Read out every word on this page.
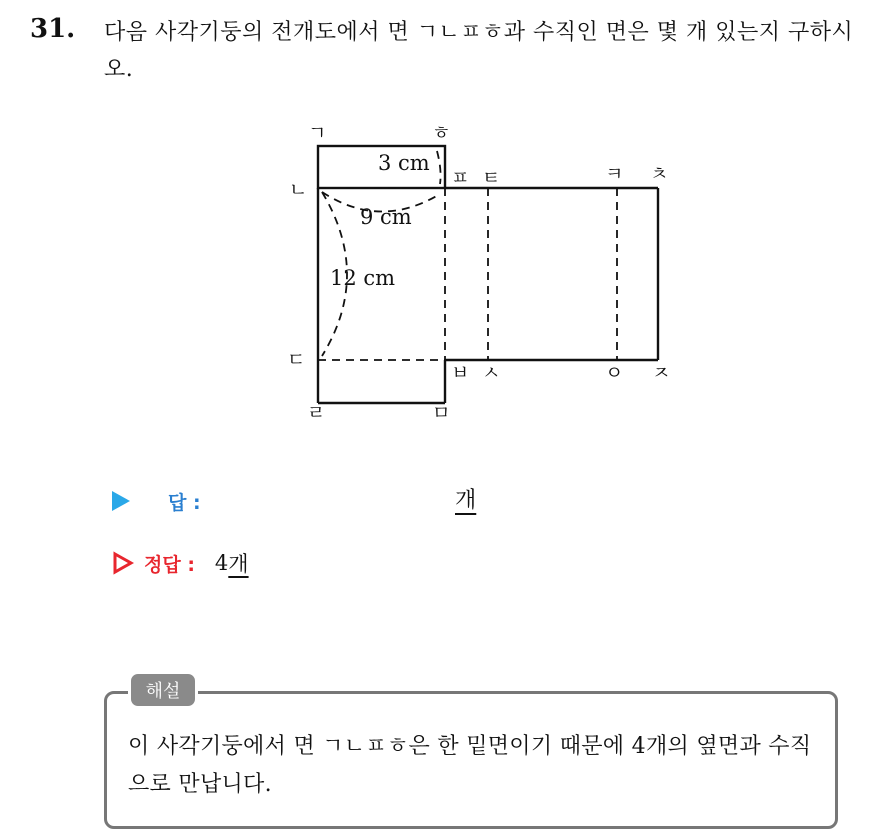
31. 다음 사각기둥의 전개도에서 면 ㄱㄴㅍㅎ과 수직인 면은 몇 개 있는지 구하시오.
ㄱ	ㅎ
ㄴ
ㅍ ㅌ	ㅋ ㅊ
ㄷ
ㅂ ㅅ	ㅇ ㅈ
ㄹ	ㅁ
3 cm
9 cm
12 cm
답 :	개
정답 : 4 개
해설
이 사각기둥에서 면 ㄱㄴㅍㅎ은 한 밑면이기 때문에 4개의 옆면과 수직으로 만납니다.
